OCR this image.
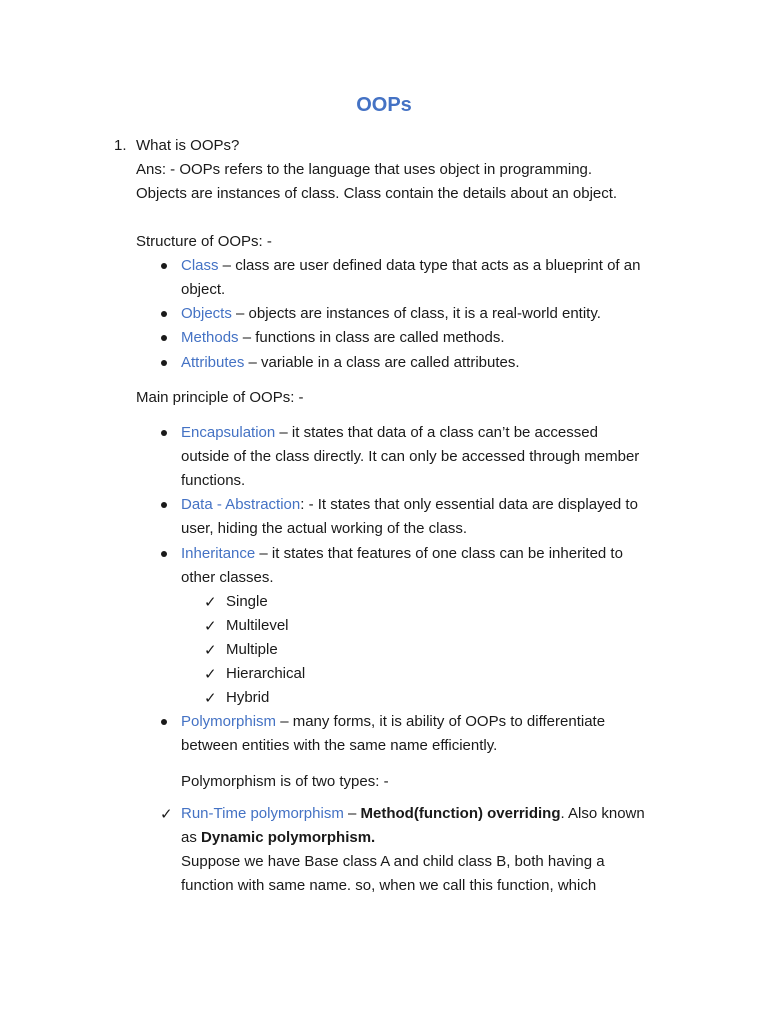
OOPs
1. What is OOPs?
Ans: - OOPs refers to the language that uses object in programming.
Objects are instances of class. Class contain the details about an object.
Structure of OOPs: -
Class – class are user defined data type that acts as a blueprint of an
object.
Objects – objects are instances of class, it is a real-world entity.
Methods – functions in class are called methods.
Attributes – variable in a class are called attributes.
Main principle of OOPs: -
Encapsulation – it states that data of a class can’t be accessed
outside of the class directly. It can only be accessed through member
functions.
Data - Abstraction: - It states that only essential data are displayed to
user, hiding the actual working of the class.
Inheritance – it states that features of one class can be inherited to
other classes.
✓ Single
✓ Multilevel
✓ Multiple
✓ Hierarchical
✓ Hybrid
Polymorphism – many forms, it is ability of OOPs to differentiate
between entities with the same name efficiently.
Polymorphism is of two types: -
✓ Run-Time polymorphism – Method(function) overriding. Also known
as Dynamic polymorphism.
Suppose we have Base class A and child class B, both having a
function with same name. so, when we call this function, which
